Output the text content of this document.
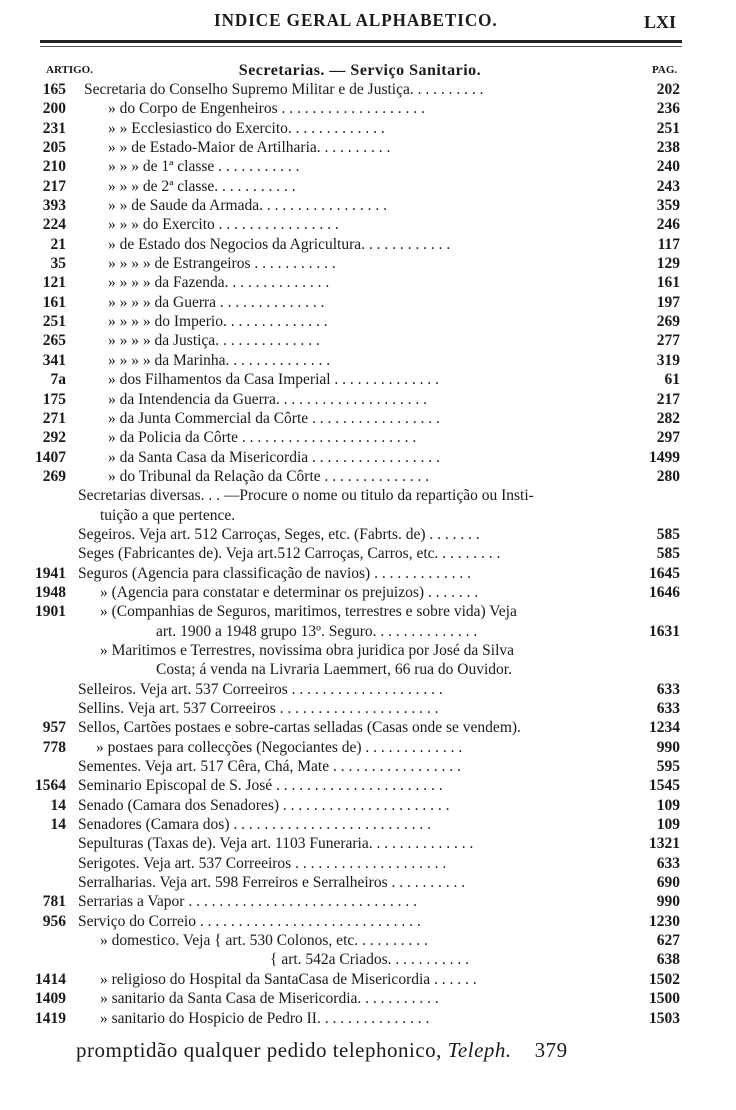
INDICE GERAL ALPHABETICO.	LXI
ARTIGO.	Secretarias. — Serviço Sanitario.	PAG.
165 Secretaria do Conselho Supremo Militar e de Justiça. . . . . . . . . .	202
200	» do Corpo de Engenheiros . . . . . . . . . . . . . . . . . . .	236
231	» » Ecclesiastico do Exercito. . . . . . . . . . . . .	251
205	» » de Estado-Maior de Artilharia. . . . . . . . . .	238
210	» » » de 1ª classe . . . . . . . . . . .	240
217	» » » de 2ª classe. . . . . . . . . . .	243
393	» » de Saude da Armada. . . . . . . . . . . . . . . . .	359
224	» » » do Exercito . . . . . . . . . . . . . . . .	246
21	» de Estado dos Negocios da Agricultura. . . . . . . . . . . .	117
35	» » » » de Estrangeiros . . . . . . . . . . .	129
121	» » » » da Fazenda. . . . . . . . . . . . . .	161
161	» » » » da Guerra . . . . . . . . . . . . . .	197
251	» » » » do Imperio. . . . . . . . . . . . . .	269
265	» » » » da Justiça. . . . . . . . . . . . . .	277
341	» » » » da Marinha. . . . . . . . . . . . . .	319
7a	» dos Filhamentos da Casa Imperial . . . . . . . . . . . . . .	61
175	» da Intendencia da Guerra. . . . . . . . . . . . . . . . . . . .	217
271	» da Junta Commercial da Côrte . . . . . . . . . . . . . . . . .	282
292	» da Policia da Côrte . . . . . . . . . . . . . . . . . . . . . . .	297
1407	» da Santa Casa da Misericordia . . . . . . . . . . . . . . . . .	1499
269	» do Tribunal da Relação da Côrte . . . . . . . . . . . . . .	280
Secretarias diversas. . . —Procure o nome ou titulo da repartição ou Insti-
tuição a que pertence.
Segeiros. Veja art. 512 Carroças, Seges, etc. (Fabrts. de) . . . . . . .	585
Seges (Fabricantes de). Veja art.512 Carroças, Carros, etc. . . . . . . . .	585
1941 Seguros (Agencia para classificação de navios) . . . . . . . . . . . . .	1645
1948 » (Agencia para constatar e determinar os prejuizos) . . . . . . .	1646
1901 » (Companhias de Seguros, maritimos, terrestres e sobre vida) Veja
art. 1900 a 1948 grupo 13º. Seguro. . . . . . . . . . . . . .	1631
» Maritimos e Terrestres, novissima obra juridica por José da Silva
Costa; á venda na Livraria Laemmert, 66 rua do Ouvidor.
Selleiros. Veja art. 537 Correeiros . . . . . . . . . . . . . . . . . . . .	633
Sellins. Veja art. 537 Correeiros . . . . . . . . . . . . . . . . . . . . .	633
957 Sellos, Cartões postaes e sobre-cartas selladas (Casas onde se vendem).	1234
778 » postaes para collecções (Negociantes de) . . . . . . . . . . . . .	990
Sementes. Veja art. 517 Cêra, Chá, Mate . . . . . . . . . . . . . . . . .	595
1564 Seminario Episcopal de S. José . . . . . . . . . . . . . . . . . . . . . .	1545
14 Senado (Camara dos Senadores) . . . . . . . . . . . . . . . . . . . . . .	109
14 Senadores (Camara dos) . . . . . . . . . . . . . . . . . . . . . . . . . .	109
Sepulturas (Taxas de). Veja art. 1103 Funeraria. . . . . . . . . . . . . .	1321
Serigotes. Veja art. 537 Correeiros . . . . . . . . . . . . . . . . . . . .	633
Serralharias. Veja art. 598 Ferreiros e Serralheiros . . . . . . . . . .	690
781 Serrarias a Vapor . . . . . . . . . . . . . . . . . . . . . . . . . . . . . .	990
956 Serviço do Correio . . . . . . . . . . . . . . . . . . . . . . . . . . . . .	1230
» domestico. Veja { art. 530 Colonos, etc. . . . . . . . . .	627
{ art. 542a Criados. . . . . . . . . . .	638
1414 » religioso do Hospital da SantaCasa de Misericordia . . . . . .	1502
1409 » sanitario da Santa Casa de Misericordia. . . . . . . . . . .	1500
1419 » sanitario do Hospicio de Pedro II. . . . . . . . . . . . . . .	1503
promptidão qualquer pedido telephonico, Teleph. 379
